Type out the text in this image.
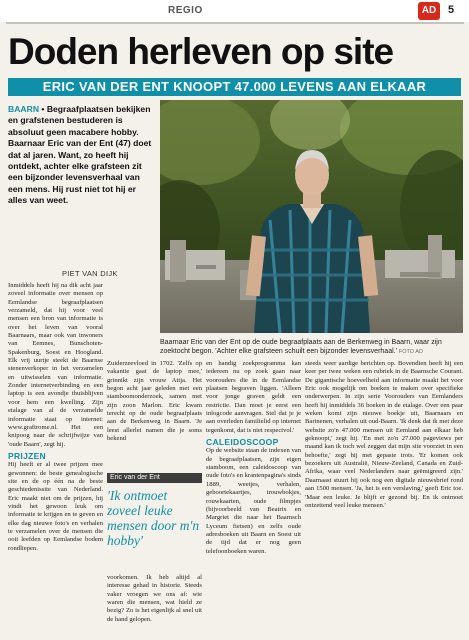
REGIO	AD	5
Doden herleven op site
ERIC VAN DER ENT KNOOPT 47.000 LEVENS AAN ELKAAR
BAARN • Begraafplaatsen bekijken en grafstenen bestuderen is absoluut geen macabere hobby. Baarnaar Eric van der Ent (47) doet dat al jaren. Want, zo heeft hij ontdekt, achter elke grafsteen zit een bijzonder levensverhaal van een mens. Hij rust niet tot hij er alles van weet.
PIET VAN DIJK
Baarnaar Eric van der Ent op de oude begraafplaats aan de Berkenweg in Baarn, waar zijn zoektocht begon. 'Achter elke grafsteen schuilt een bijzonder levensverhaal.' FOTO AD

Inmiddels heeft hij na dik acht jaar zoveel informatie over mensen op Eemlandse begraafplaatsen verzameld, dat hij voor veel mensen een bron van informatie is over het leven van vooral Baarnaars, maar ook van inwoners van Eemnes, Bunschoten-Spakenburg, Soest en Hoogland. Elk vrij uurtje steekt de Baarnse stenenverkoper in het verzamelen en uitwisselen van informatie. Zonder internetverbinding en een laptop is een avondje thuisblijven voor hem een kwelling. Zijn etalage van al de verzamelde informatie staat op internet: www.graftrome.nl. Het een knipoog naar de schrijfwijze van 'oude Baarn', zegt hij.

PRIJZEN

Hij heeft er al twee prijzen mee gewonnen: de beste genealogische site en de op één na de beste geschiedenissite van Nederland. Eric maakt niet om de prijzen, hij vindt het gewoon leuk om informatie te krijgen en te geven en elke dag nieuwe foto's en verhalen te verzamelen over de mensen die ooit leefden op Eemlandse bodem rondliepen.

Zuiderzeevloed in 1702. 'Zelfs op vakantie gaat de laptop mee,' grinnikt zijn vrouw Attja. Het begon acht jaar geleden met een stamboomonderzoek, samen met zijn zoon Marlon. Eric kwam terecht op de oude begraafplaats aan de Berkenweg in Baarn. 'Je leest allerlei namen die je soms bekend

Eric van der Ent
'Ik ontmoet zoveel leuke mensen door m'n hobby'

voorkomen. Ik heb altijd al interesse gehad in historie. Steeds vaker vroegen we ons af: wie waren die mensen, wat hield ze bezig? Zo is het eigenlijk al snel uit de hand gelopen.

en handig zoekprogramma kan iedereen nu op zoek gaan naar voorouders die in de Eemlandse plaatsen begraven liggen. 'Alleen voor jonge graven geldt een restrictie. Dan moet je eerst een inlogcode aanvragen. Stel dat je je aan overleden familielid op internet tegenkomt, dat is niet respectvol.'

CALEIDOSCOOP

Op de website staan de indexen van de begraafplaatsen, zijn eigen stamboom, een caleidoscoop van oude foto's en krantenpagina's sinds 1889, weetjes, verhalen, geboortekaartjes, trouwbokjes, rouwkaarten, oude filmpjes (bijvoorbeeld van Beatrix en Margriet die naar het Baarnsch Lyceum fietsen) en zelfs oude adresboeken uit Baarn en Soest uit de tijd dat er nog geen telefoonboeken waren.

steeds weer aardige berichten op. Bovendien heeft hij een keer per twee weken een rubriek in de Baarnsche Courant. De gigantische hoeveelheid aan informatie maakt het voor Eric ook mogelijk om boeken te maken over specifieke onderwerpen. In zijn serie Voorouders van Eemlanders heeft hij inmiddels 36 boeken in de etalage. Over een paar weken komt zijn nieuwe boekje uit, Baarnaars en Barinenen, verhalen uit oud-Baarn. 'Ik denk dat ik met deze website zo'n 47.000 mensen uit Eemland aan elkaar heb geknoopt,' zegt hij. 'En met zo'n 27.000 pageviews per maand kan ik toch wel zeggen dat mijn site voorziet in een behoefte,' zegt hij met gepaste trots. 'Er komen ook bezoekers uit Australië, Nieuw-Zeeland, Canada en Zuid-Afrika, waar veel Nederlanders naar geëmigreerd zijn.' Daarnaast stuurt hij ook nog een digitale nieuwsbrief rond aan 1500 mensen. 'Ja, het is een verslaving,' geeft Eric toe. 'Maar een leuke. Je blijft er gezond bij. En ik ontmoet ontzettend veel leuke mensen.'
